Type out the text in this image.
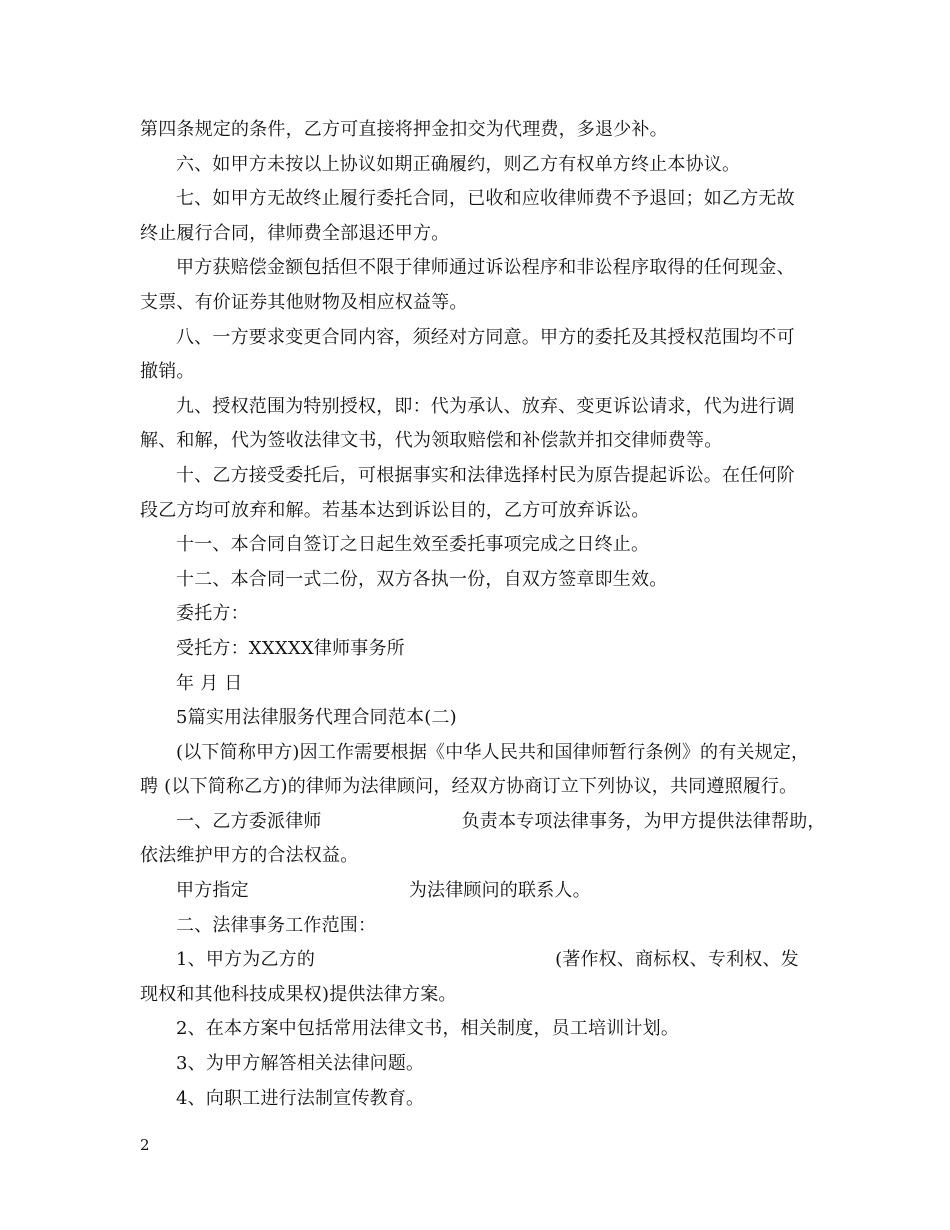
第四条规定的条件，乙方可直接将押金扣交为代理费，多退少补。
六、如甲方未按以上协议如期正确履约，则乙方有权单方终止本协议。
七、如甲方无故终止履行委托合同，已收和应收律师费不予退回；如乙方无故
终止履行合同，律师费全部退还甲方。
甲方获赔偿金额包括但不限于律师通过诉讼程序和非讼程序取得的任何现金、
支票、有价证券其他财物及相应权益等。
八、一方要求变更合同内容，须经对方同意。甲方的委托及其授权范围均不可
撤销。
九、授权范围为特别授权，即：代为承认、放弃、变更诉讼请求，代为进行调
解、和解，代为签收法律文书，代为领取赔偿和补偿款并扣交律师费等。
十、乙方接受委托后，可根据事实和法律选择村民为原告提起诉讼。在任何阶
段乙方均可放弃和解。若基本达到诉讼目的，乙方可放弃诉讼。
十一、本合同自签订之日起生效至委托事项完成之日终止。
十二、本合同一式二份，双方各执一份，自双方签章即生效。
委托方：
受托方：XXXXX律师事务所
年 月 日
5篇实用法律服务代理合同范本(二)
(以下简称甲方)因工作需要根据《中华人民共和国律师暂行条例》的有关规定，
聘 (以下简称乙方)的律师为法律顾问，经双方协商订立下列协议，共同遵照履行。
一、乙方委派律师	负责本专项法律事务，为甲方提供法律帮助，
依法维护甲方的合法权益。
甲方指定	为法律顾问的联系人。
二、法律事务工作范围：
1、甲方为乙方的	(著作权、商标权、专利权、发
现权和其他科技成果权)提供法律方案。
2、在本方案中包括常用法律文书，相关制度，员工培训计划。
3、为甲方解答相关法律问题。
4、向职工进行法制宣传教育。
2
